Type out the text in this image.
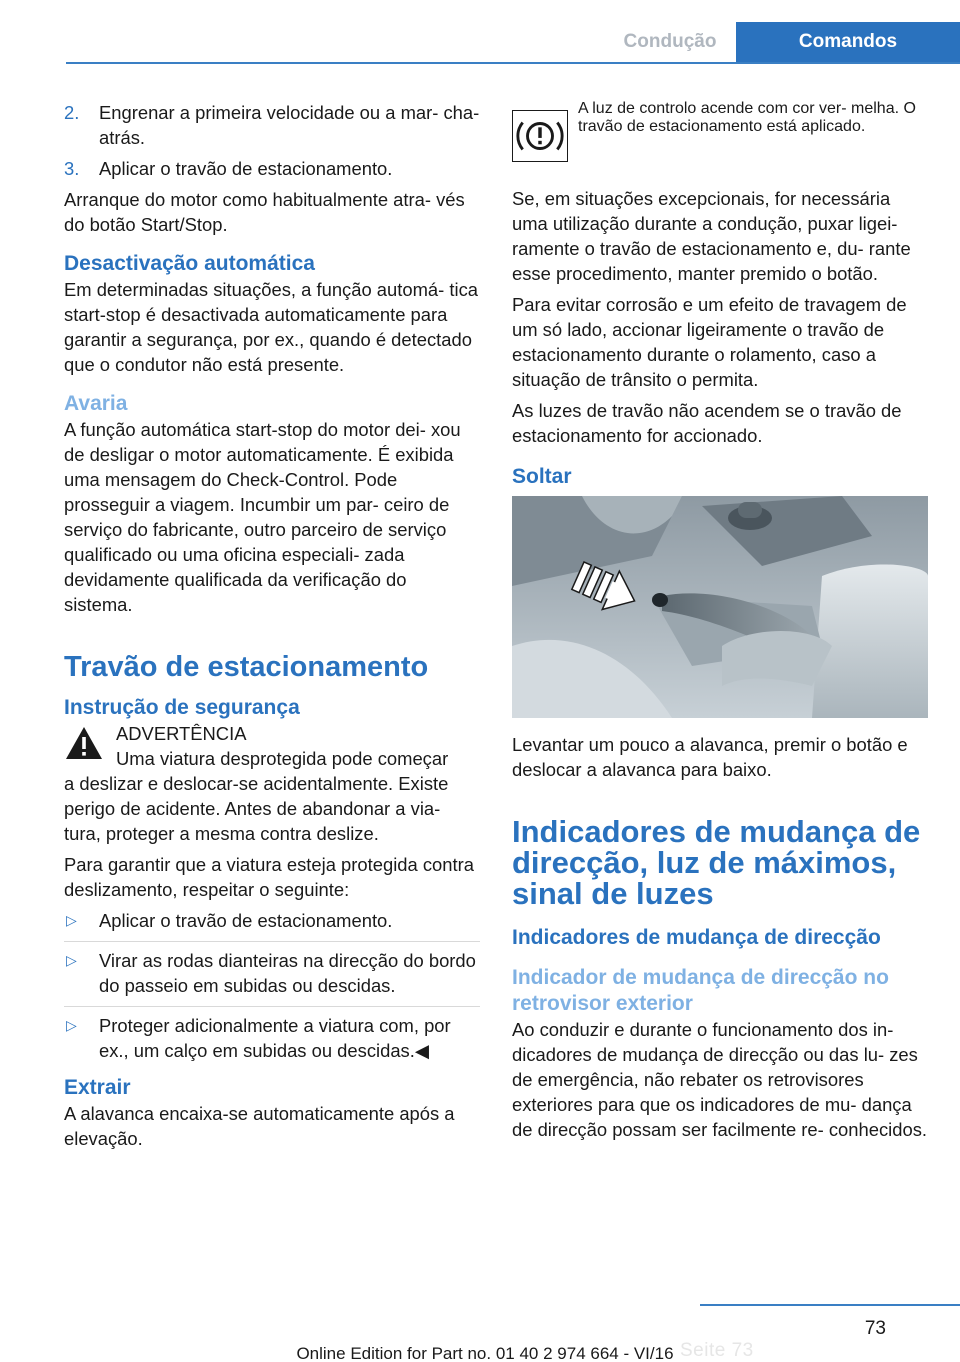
Condução	Comandos
2. Engrenar a primeira velocidade ou a mar‐ cha-atrás.
3. Aplicar o travão de estacionamento.

Arranque do motor como habitualmente atra‐ vés do botão Start/Stop.

Desactivação automática

Em determinadas situações, a função automá‐ tica start-stop é desactivada automaticamente para garantir a segurança, por ex., quando é detectado que o condutor não está presente.

Avaria

A função automática start-stop do motor dei‐ xou de desligar o motor automaticamente. É exibida uma mensagem do Check-Control. Pode prosseguir a viagem. Incumbir um par‐ ceiro de serviço do fabricante, outro parceiro de serviço qualificado ou uma oficina especiali‐ zada devidamente qualificada da verificação do sistema.

Travão de estacionamento
Instrução de segurança
ADVERTÊNCIA
Uma viatura desprotegida pode começar

a deslizar e deslocar-se acidentalmente. Existe perigo de acidente. Antes de abandonar a via‐ tura, proteger a mesma contra deslize.

Para garantir que a viatura esteja protegida contra deslizamento, respeitar o seguinte:

▷ Aplicar o travão de estacionamento.
▷ Virar as rodas dianteiras na direcção do bordo do passeio em subidas ou descidas.
▷ Proteger adicionalmente a viatura com, por ex., um calço em subidas ou descidas.◀
Extrair

A alavanca encaixa-se automaticamente após a elevação.

A luz de controlo acende com cor ver‐ melha. O travão de estacionamento está aplicado.

Se, em situações excepcionais, for necessária uma utilização durante a condução, puxar ligei‐ ramente o travão de estacionamento e, du‐ rante esse procedimento, manter premido o botão.

Para evitar corrosão e um efeito de travagem de um só lado, accionar ligeiramente o travão de estacionamento durante o rolamento, caso a situação de trânsito o permita.

As luzes de travão não acendem se o travão de estacionamento for accionado.

Soltar

Levantar um pouco a alavanca, premir o botão e deslocar a alavanca para baixo.

Indicadores de mudança de direcção, luz de máximos, sinal de luzes
Indicadores de mudança de direcção
Indicador de mudança de direcção no retrovisor exterior

Ao conduzir e durante o funcionamento dos in‐ dicadores de mudança de direcção ou das lu‐ zes de emergência, não rebater os retrovisores exteriores para que os indicadores de mu‐ dança de direcção possam ser facilmente re‐ conhecidos.

73
Seite 73
Online Edition for Part no. 01 40 2 974 664 - VI/16
